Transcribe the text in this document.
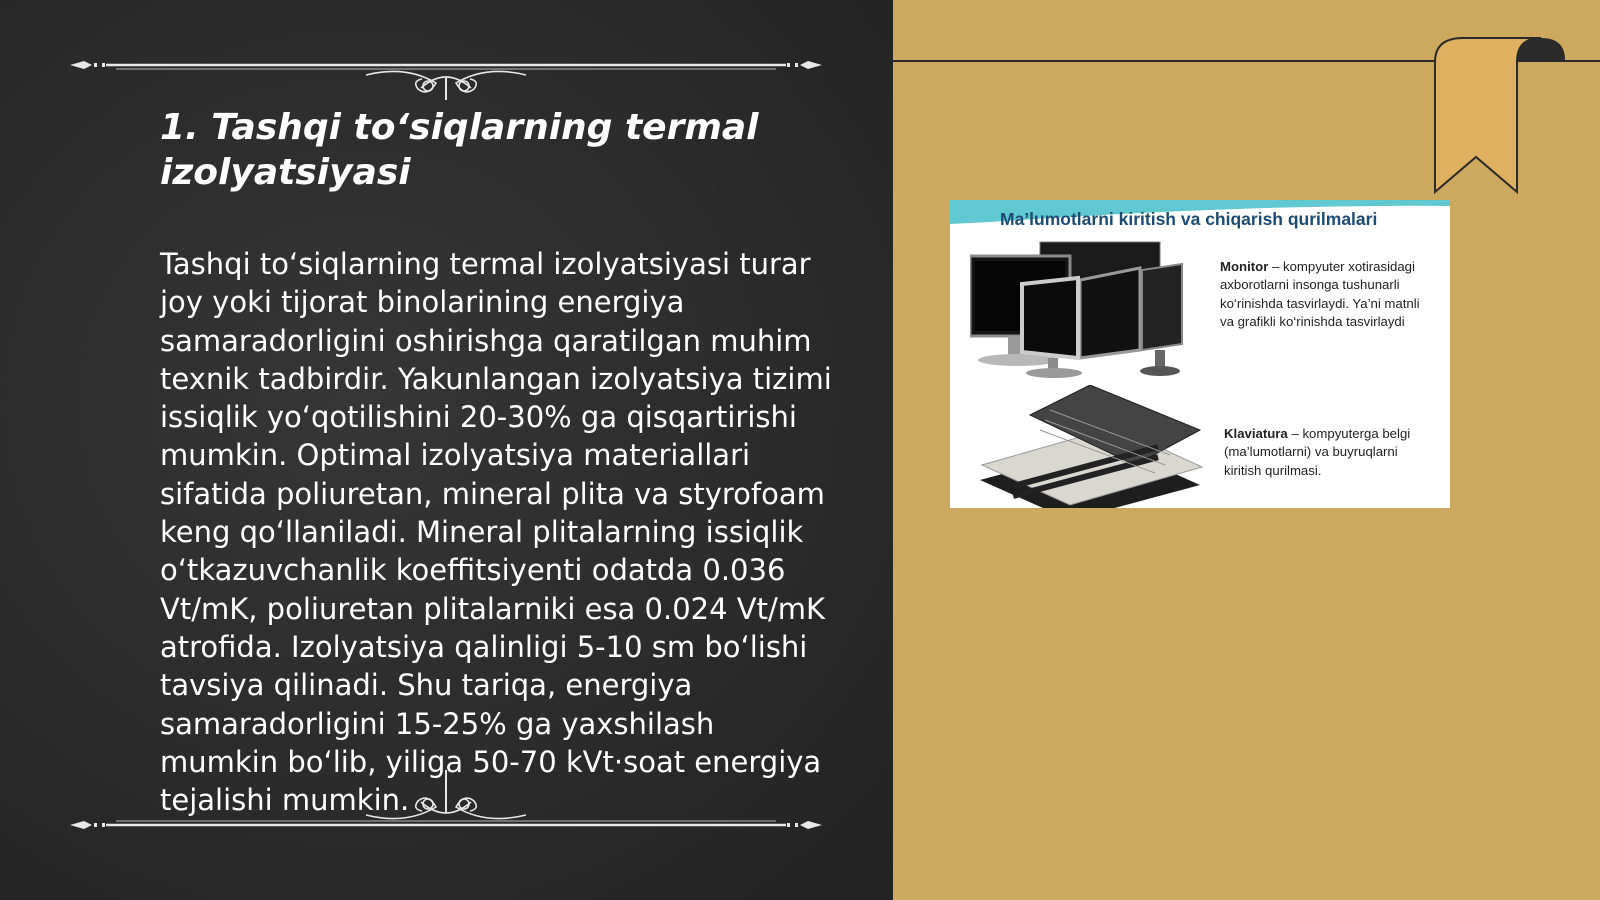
1. Tashqi to‘siqlarning termal izolyatsiyasi

Tashqi to‘siqlarning termal izolyatsiyasi turar joy yoki tijorat binolarining energiya samaradorligini oshirishga qaratilgan muhim texnik tadbirdir. Yakunlangan izolyatsiya tizimi issiqlik yo‘qotilishini 20-30% ga qisqartirishi mumkin. Optimal izolyatsiya materiallari sifatida poliuretan, mineral plita va styrofoam keng qo‘llaniladi. Mineral plitalarning issiqlik o‘tkazuvchanlik koeffitsiyenti odatda 0.036 Vt/mK, poliuretan plitalarniki esa 0.024 Vt/mK atrofida. Izolyatsiya qalinligi 5-10 sm bo‘lishi tavsiya qilinadi. Shu tariqa, energiya samaradorligini 15-25% ga yaxshilash mumkin bo‘lib, yiliga 50-70 kVt·soat energiya tejalishi mumkin.

Ma’lumotlarni kiritish va chiqarish qurilmalari
Monitor – kompyuter xotirasidagi axborotlarni insonga tushunarli ko‘rinishda tasvirlaydi. Ya’ni matnli va grafikli ko‘rinishda tasvirlaydi
Klaviatura – kompyuterga belgi (ma’lumotlarni) va buyruqlarni kiritish qurilmasi.
